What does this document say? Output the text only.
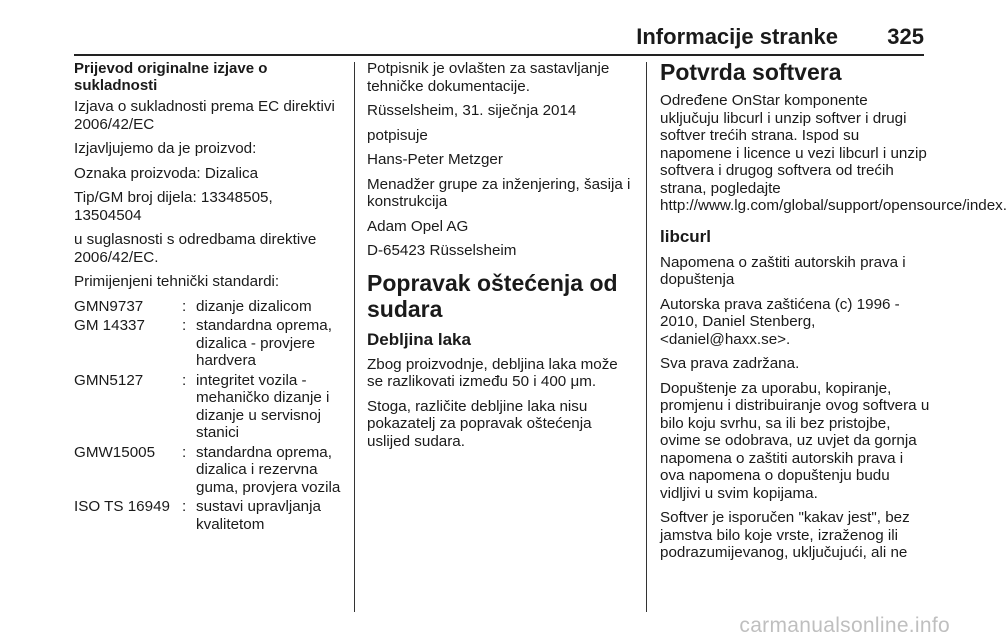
Informacije stranke 325
Prijevod originalne izjave o sukladnosti

Izjava o sukladnosti prema EC direktivi 2006/42/EC

Izjavljujemo da je proizvod:

Oznaka proizvoda: Dizalica

Tip/GM broj dijela: 13348505, 13504504

u suglasnosti s odredbama direktive 2006/42/EC.

Primijenjeni tehnički standardi:

GMN9737	: dizanje dizalicom
GM 14337	: standardna oprema, dizalica - provjere hardvera
GMN5127	: integritet vozila - mehaničko dizanje i dizanje u servisnoj stanici
GMW15005	: standardna oprema, dizalica i rezervna guma, provjera vozila
ISO TS 16949 : sustavi upravljanja kvalitetom

Potpisnik je ovlašten za sastavljanje tehničke dokumentacije.

Rüsselsheim, 31. siječnja 2014

potpisuje

Hans-Peter Metzger

Menadžer grupe za inženjering, šasija i konstrukcija

Adam Opel AG

D-65423 Rüsselsheim

Popravak oštećenja od sudara
Debljina laka

Zbog proizvodnje, debljina laka može se razlikovati između 50 i 400 μm.

Stoga, različite debljine laka nisu pokazatelj za popravak oštećenja uslijed sudara.

Potvrda softvera

Određene OnStar komponente uključuju libcurl i unzip softver i drugi softver trećih strana. Ispod su napomene i licence u vezi libcurl i unzip softvera i drugog softvera od trećih strana, pogledajte http://www.lg.com/global/support/opensource/index.

libcurl

Napomena o zaštiti autorskih prava i dopuštenja

Autorska prava zaštićena (c) 1996 - 2010, Daniel Stenberg, <daniel@haxx.se>.

Sva prava zadržana.

Dopuštenje za uporabu, kopiranje, promjenu i distribuiranje ovog softvera u bilo koju svrhu, sa ili bez pristojbe, ovime se odobrava, uz uvjet da gornja napomena o zaštiti autorskih prava i ova napomena o dopuštenju budu vidljivi u svim kopijama.

Softver je isporučen "kakav jest", bez jamstva bilo koje vrste, izraženog ili podrazumijevanog, uključujući, ali ne

carmanualsonline.info
